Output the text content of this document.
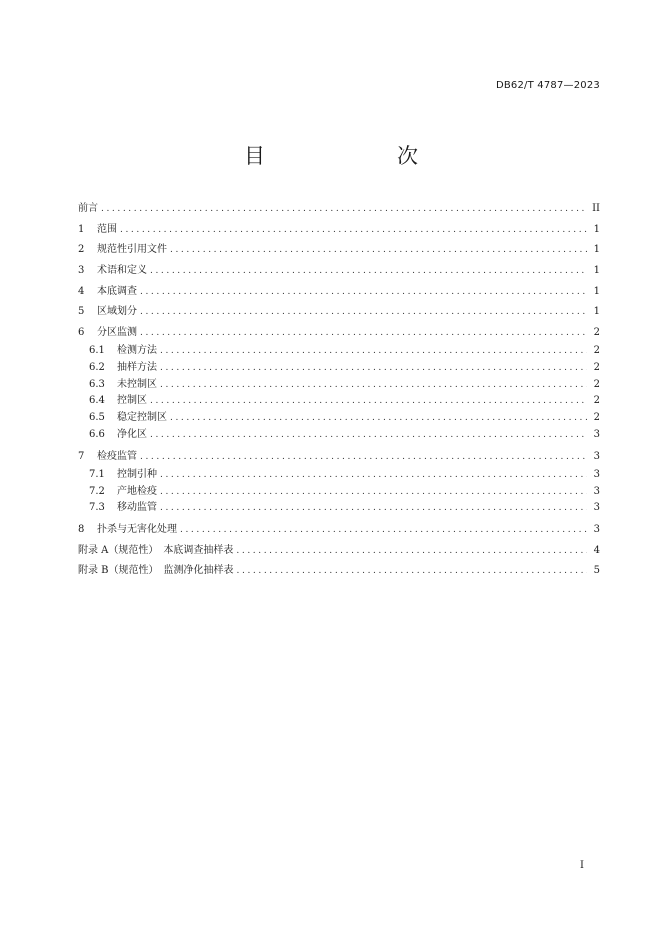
DB62/T 4787—2023
目　　次
前言 .....	II
1	范围 .....	1
2	规范性引用文件 .....	1
3	术语和定义 .....	1
4	本底调查 .....	1
5	区域划分 .....	1
6	分区监测 .....	2
6.1	检测方法 .....	2
6.2	抽样方法 .....	2
6.3	未控制区 .....	2
6.4	控制区 .....	2
6.5	稳定控制区 .....	2
6.6	净化区 .....	3
7	检疫监管 .....	3
7.1	控制引种 .....	3
7.2	产地检疫 .....	3
7.3	移动监管 .....	3
8	扑杀与无害化处理 .....	3
附录 A（规范性）　本底调查抽样表 .....	4
附录 B（规范性）　监测净化抽样表 .....	5
I
